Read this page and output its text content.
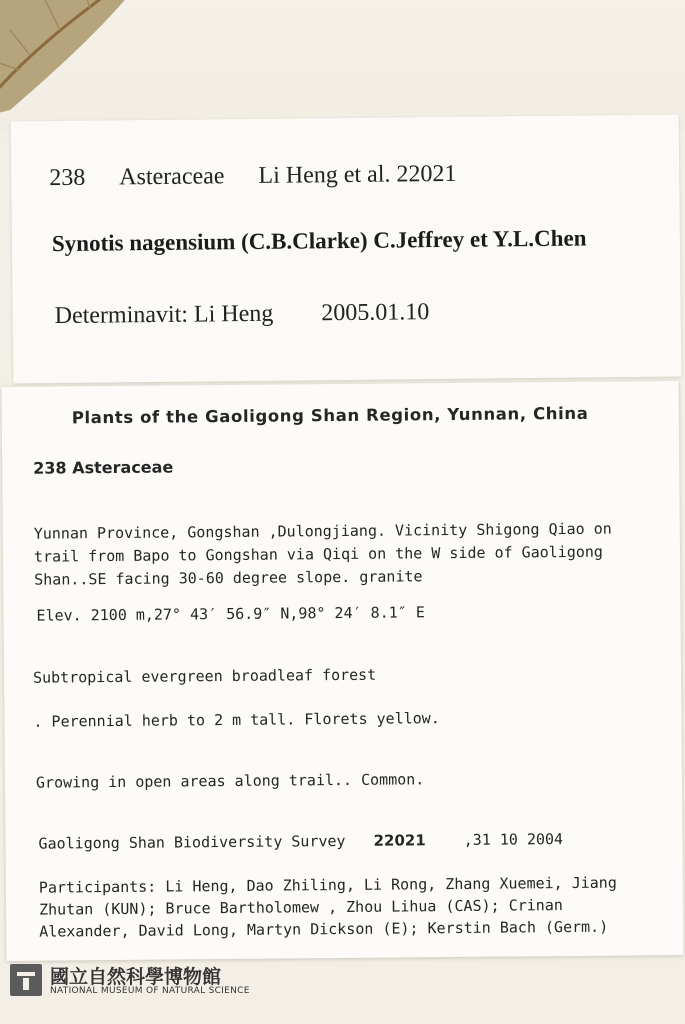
238 Asteraceae Li Heng et al. 22021
Synotis nagensium (C.B.Clarke) C.Jeffrey et Y.L.Chen
Determinavit: Li Heng 2005.01.10
Plants of the Gaoligong Shan Region, Yunnan, China
238 Asteraceae
Yunnan Province, Gongshan ,Dulongjiang. Vicinity Shigong Qiao on trail from Bapo to Gongshan via Qiqi on the W side of Gaoligong Shan..SE facing 30-60 degree slope. granite
Elev. 2100 m,27° 43′ 56.9″ N,98° 24′ 8.1″ E
Subtropical evergreen broadleaf forest
. Perennial herb to 2 m tall. Florets yellow.
Growing in open areas along trail.. Common.
Gaoligong Shan Biodiversity Survey 22021	,31 10 2004
Participants: Li Heng, Dao Zhiling, Li Rong, Zhang Xuemei, Jiang Zhutan (KUN); Bruce Bartholomew , Zhou Lihua (CAS); Crinan Alexander, David Long, Martyn Dickson (E); Kerstin Bach (Germ.)
國立自然科學博物館
NATIONAL MUSEUM OF NATURAL SCIENCE
